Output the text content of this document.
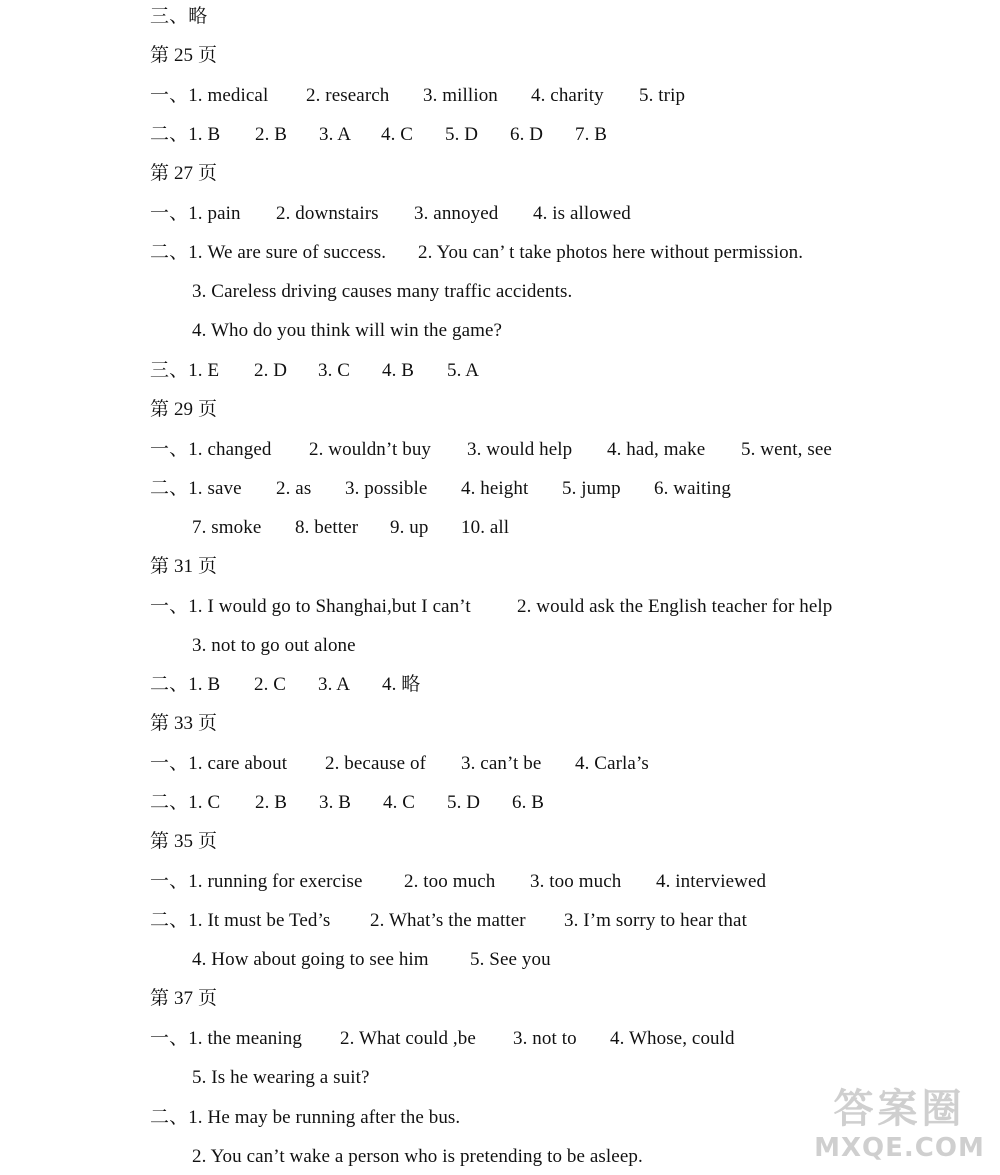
三、略
第 25 页
一、1. medical 2. research 3. million 4. charity 5. trip
二、1. B 2. B 3. A 4. C 5. D 6. D 7. B
第 27 页
一、1. pain 2. downstairs 3. annoyed 4. is allowed
二、1. We are sure of success. 2. You can’ t take photos here without permission.
3. Careless driving causes many traffic accidents.
4. Who do you think will win the game?
三、1. E 2. D 3. C 4. B 5. A
第 29 页
一、1. changed 2. wouldn’t buy 3. would help 4. had, make 5. went, see
二、1. save 2. as 3. possible 4. height 5. jump 6. waiting
7. smoke 8. better 9. up 10. all
第 31 页
一、1. I would go to Shanghai,but I can’t 2. would ask the English teacher for help
3. not to go out alone
二、1. B 2. C 3. A 4. 略
第 33 页
一、1. care about 2. because of 3. can’t be 4. Carla’s
二、1. C 2. B 3. B 4. C 5. D 6. B
第 35 页
一、1. running for exercise 2. too much 3. too much 4. interviewed
二、1. It must be Ted’s 2. What’s the matter 3. I’m sorry to hear that
4. How about going to see him 5. See you
第 37 页
一、1. the meaning 2. What could ,be 3. not to 4. Whose, could
5. Is he wearing a suit?
二、1. He may be running after the bus.
2. You can’t wake a person who is pretending to be asleep.
答案圈
MXQE.COM
